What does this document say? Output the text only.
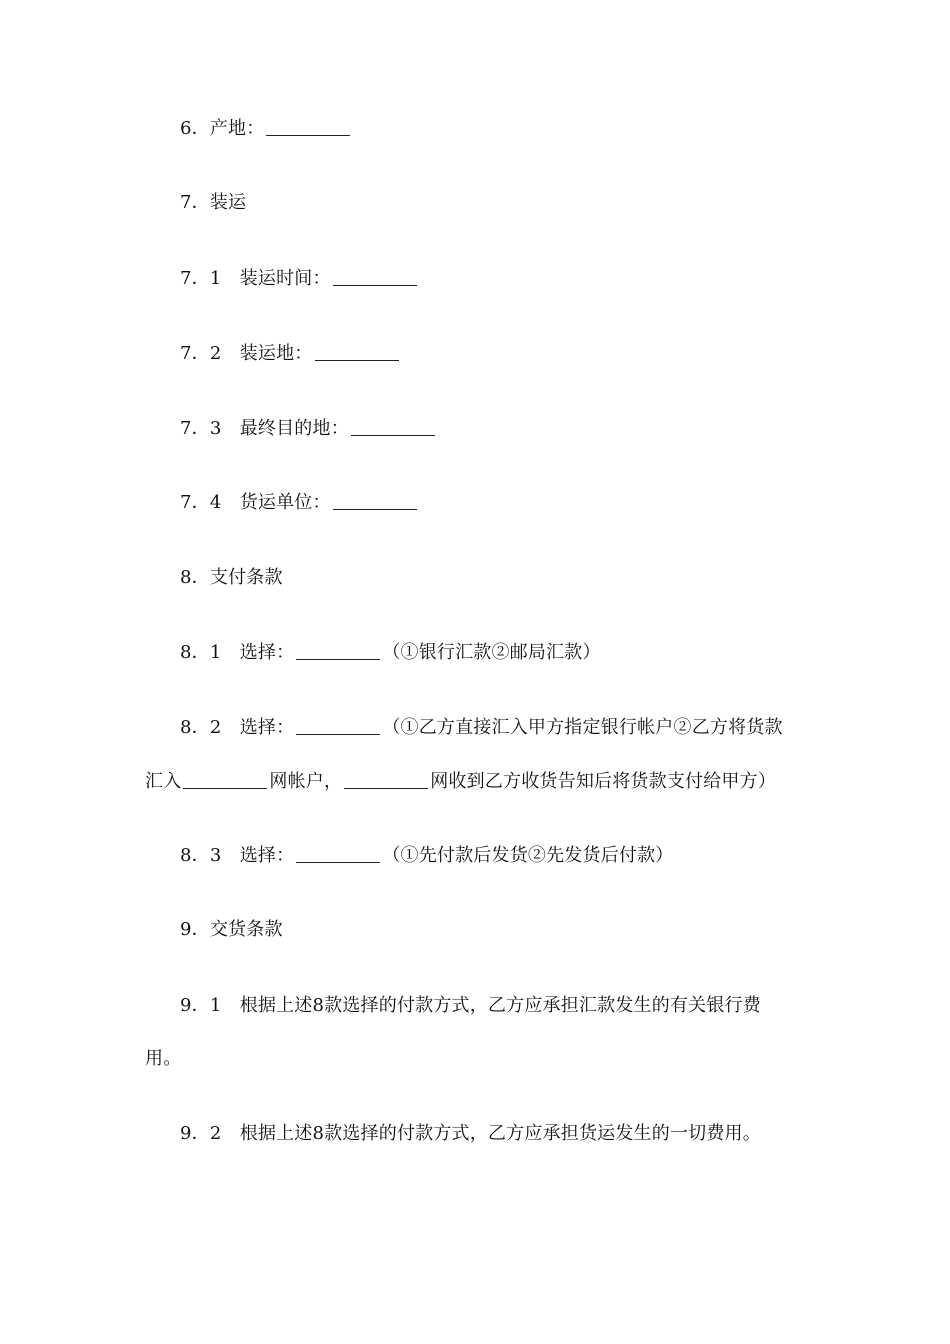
6．产地：
7．装运
7．1　装运时间：
7．2　装运地：
7．3　最终目的地：
7．4　货运单位：
8．支付条款
8．1　选择：	（①银行汇款②邮局汇款）
8．2　选择：	（①乙方直接汇入甲方指定银行帐户②乙方将货款
汇入	网帐户，	网收到乙方收货告知后将货款支付给甲方）
8．3　选择：	（①先付款后发货②先发货后付款）
9．交货条款
9．1　根据上述8款选择的付款方式，乙方应承担汇款发生的有关银行费
用。
9．2　根据上述8款选择的付款方式，乙方应承担货运发生的一切费用。
